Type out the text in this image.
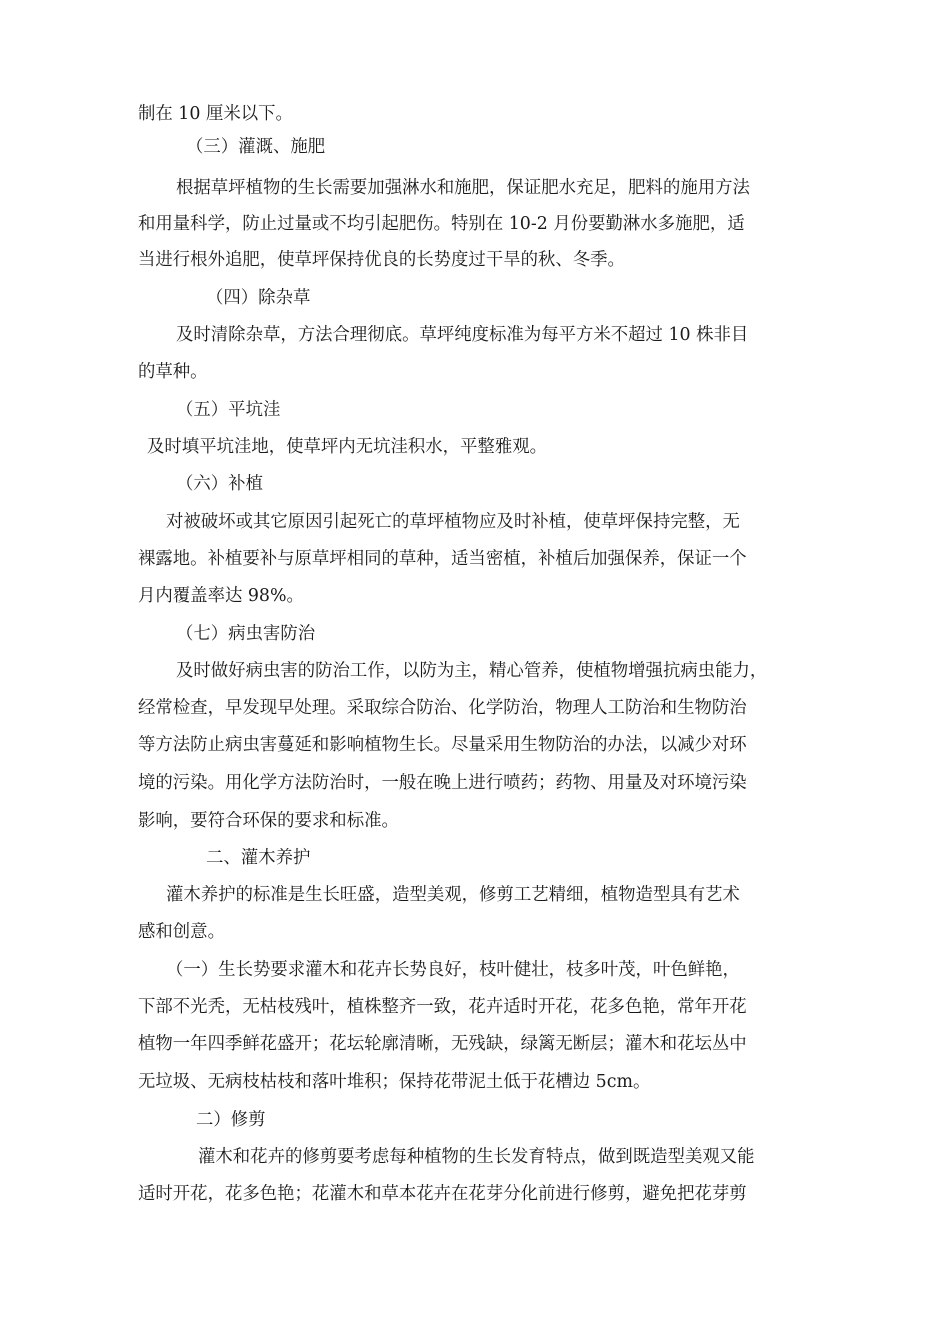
制在 10 厘米以下。
（三）灌溉、施肥
根据草坪植物的生长需要加强淋水和施肥，保证肥水充足，肥料的施用方法
和用量科学，防止过量或不均引起肥伤。特别在 10-2 月份要勤淋水多施肥，适
当进行根外追肥，使草坪保持优良的长势度过干旱的秋、冬季。
（四）除杂草
及时清除杂草，方法合理彻底。草坪纯度标准为每平方米不超过 10 株非目
的草种。
（五）平坑洼
及时填平坑洼地，使草坪内无坑洼积水，平整雅观。
（六）补植
对被破坏或其它原因引起死亡的草坪植物应及时补植，使草坪保持完整，无
裸露地。补植要补与原草坪相同的草种，适当密植，补植后加强保养，保证一个
月内覆盖率达 98%。
（七）病虫害防治
及时做好病虫害的防治工作，以防为主，精心管养，使植物增强抗病虫能力，
经常检查，早发现早处理。采取综合防治、化学防治，物理人工防治和生物防治
等方法防止病虫害蔓延和影响植物生长。尽量采用生物防治的办法，以减少对环
境的污染。用化学方法防治时，一般在晚上进行喷药；药物、用量及对环境污染
影响，要符合环保的要求和标准。
二、灌木养护
灌木养护的标准是生长旺盛，造型美观，修剪工艺精细，植物造型具有艺术
感和创意。
（一）生长势要求灌木和花卉长势良好，枝叶健壮，枝多叶茂，叶色鲜艳，
下部不光秃，无枯枝残叶，植株整齐一致，花卉适时开花，花多色艳，常年开花
植物一年四季鲜花盛开；花坛轮廓清晰，无残缺，绿篱无断层；灌木和花坛丛中
无垃圾、无病枝枯枝和落叶堆积；保持花带泥土低于花槽边 5cm。
二）修剪
灌木和花卉的修剪要考虑每种植物的生长发育特点，做到既造型美观又能
适时开花，花多色艳；花灌木和草本花卉在花芽分化前进行修剪，避免把花芽剪
